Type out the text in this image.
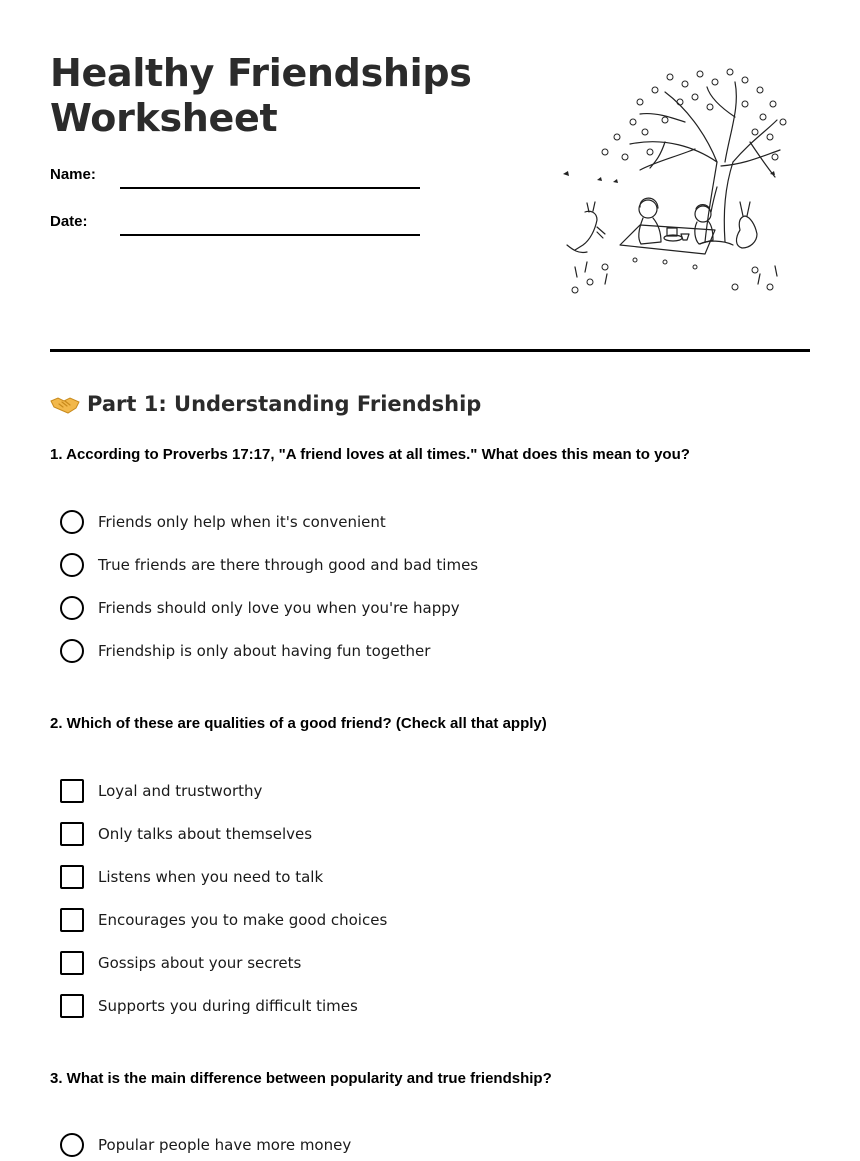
Healthy Friendships Worksheet
Name:
Date:
Part 1: Understanding Friendship

1. According to Proverbs 17:17, "A friend loves at all times." What does this mean to you?

Friends only help when it's convenient
True friends are there through good and bad times
Friends should only love you when you're happy
Friendship is only about having fun together

2. Which of these are qualities of a good friend? (Check all that apply)

Loyal and trustworthy
Only talks about themselves
Listens when you need to talk
Encourages you to make good choices
Gossips about your secrets
Supports you during difficult times

3. What is the main difference between popularity and true friendship?

Popular people have more money
